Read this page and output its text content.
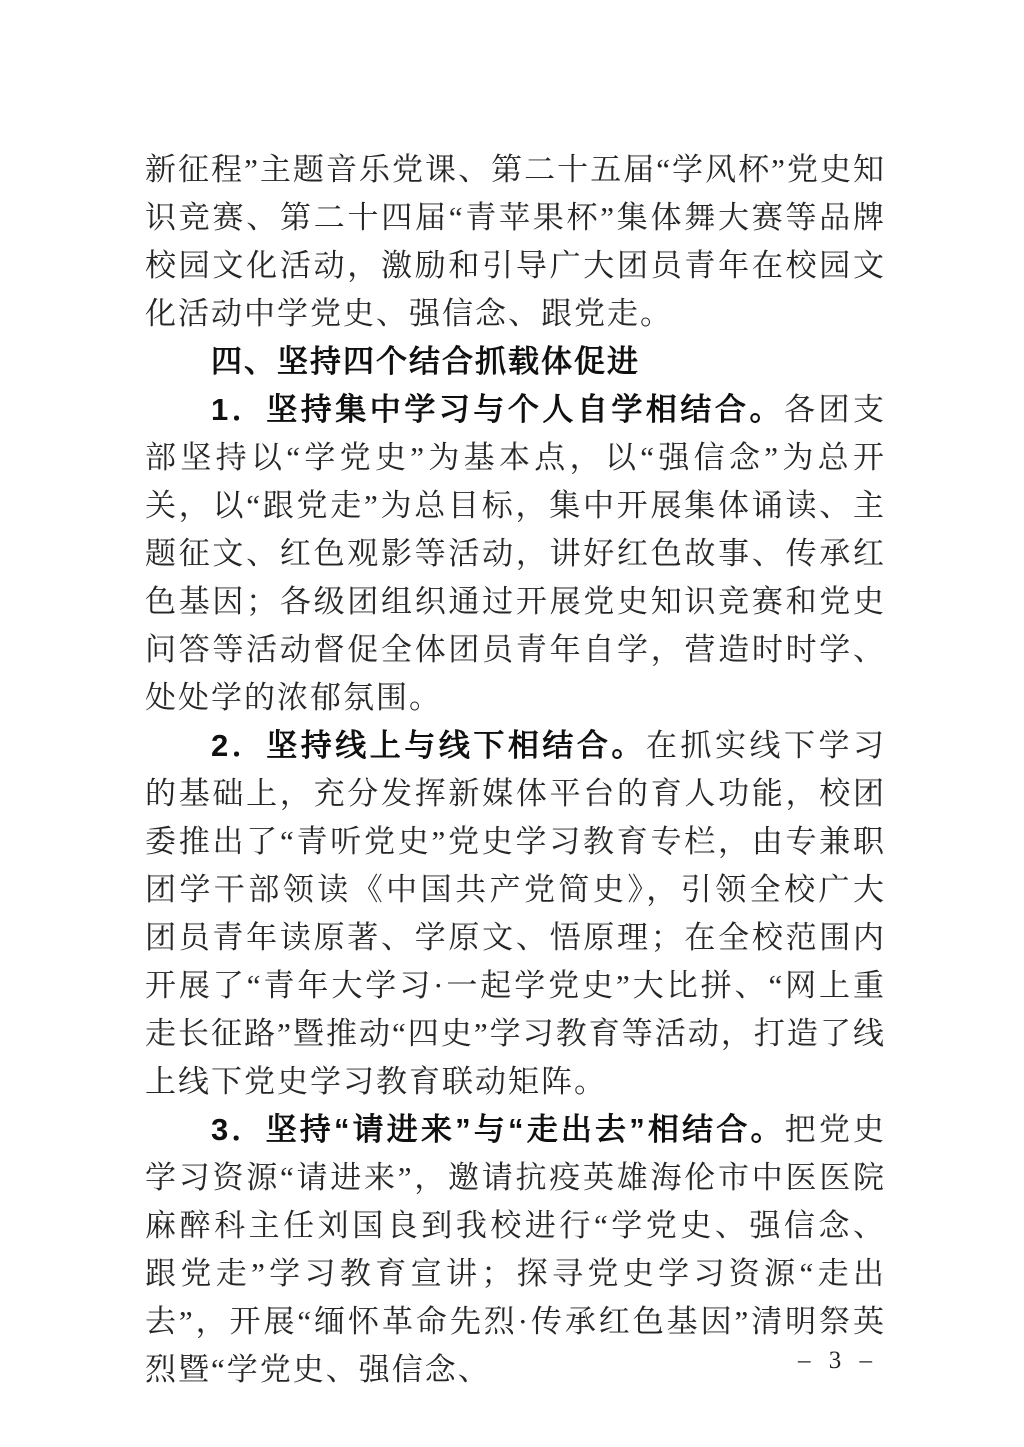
新征程”主题音乐党课、第二十五届“学风杯”党史知识竞赛、第二十四届“青苹果杯”集体舞大赛等品牌校园文化活动，激励和引导广大团员青年在校园文化活动中学党史、强信念、跟党走。

四、坚持四个结合抓载体促进

1．坚持集中学习与个人自学相结合。各团支部坚持以“学党史”为基本点，以“强信念”为总开关，以“跟党走”为总目标，集中开展集体诵读、主题征文、红色观影等活动，讲好红色故事、传承红色基因；各级团组织通过开展党史知识竞赛和党史问答等活动督促全体团员青年自学，营造时时学、处处学的浓郁氛围。

2．坚持线上与线下相结合。在抓实线下学习的基础上，充分发挥新媒体平台的育人功能，校团委推出了“青听党史”党史学习教育专栏，由专兼职团学干部领读《中国共产党简史》，引领全校广大团员青年读原著、学原文、悟原理；在全校范围内开展了“青年大学习·一起学党史”大比拼、“网上重走长征路”暨推动“四史”学习教育等活动，打造了线上线下党史学习教育联动矩阵。

3．坚持“请进来”与“走出去”相结合。把党史学习资源“请进来”，邀请抗疫英雄海伦市中医医院麻醉科主任刘国良到我校进行“学党史、强信念、跟党走”学习教育宣讲；探寻党史学习资源“走出去”，开展“缅怀革命先烈·传承红色基因”清明祭英烈暨“学党史、强信念、	– 3 –
